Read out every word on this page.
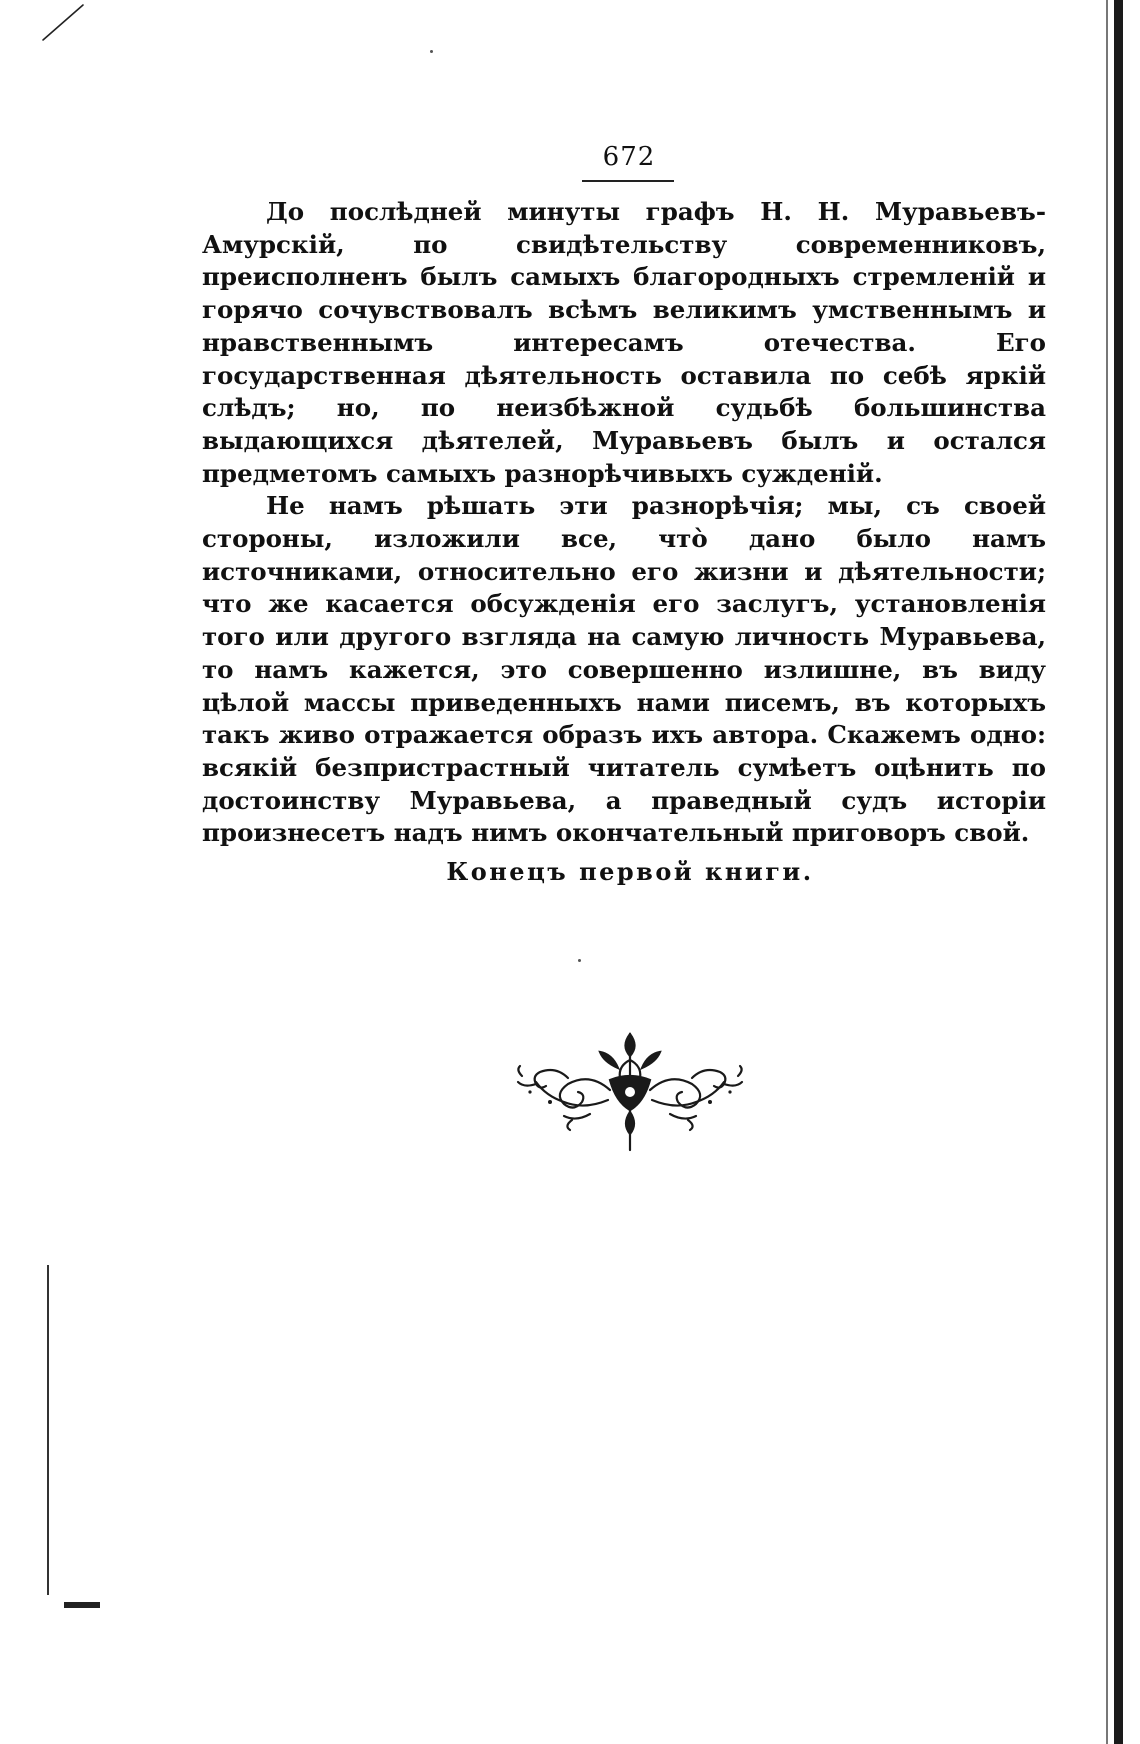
672

До послѣдней минуты графъ Н. Н. Муравьевъ-Амурскій, по свидѣтельству современниковъ, преисполненъ былъ самыхъ благородныхъ стремленій и горячо сочувствовалъ всѣмъ великимъ умственнымъ и нравственнымъ интересамъ отечества. Его государственная дѣятельность оставила по себѣ яркій слѣдъ; но, по неизбѣжной судьбѣ большинства выдающихся дѣятелей, Муравьевъ былъ и остался предметомъ самыхъ разнорѣчивыхъ сужденій.

Не намъ рѣшать эти разнорѣчія; мы, съ своей стороны, изложили все, что̀ дано было намъ источниками, относительно его жизни и дѣятельности; что же касается обсужденія его заслугъ, установленія того или другого взгляда на самую личность Муравьева, то намъ кажется, это совершенно излишне, въ виду цѣлой массы приведенныхъ нами писемъ, въ которыхъ такъ живо отражается образъ ихъ автора. Скажемъ одно: всякій безпристрастный читатель сумѣетъ оцѣнить по достоинству Муравьева, а праведный судъ исторіи произнесетъ надъ нимъ окончательный приговоръ свой.

Конецъ первой книги.
